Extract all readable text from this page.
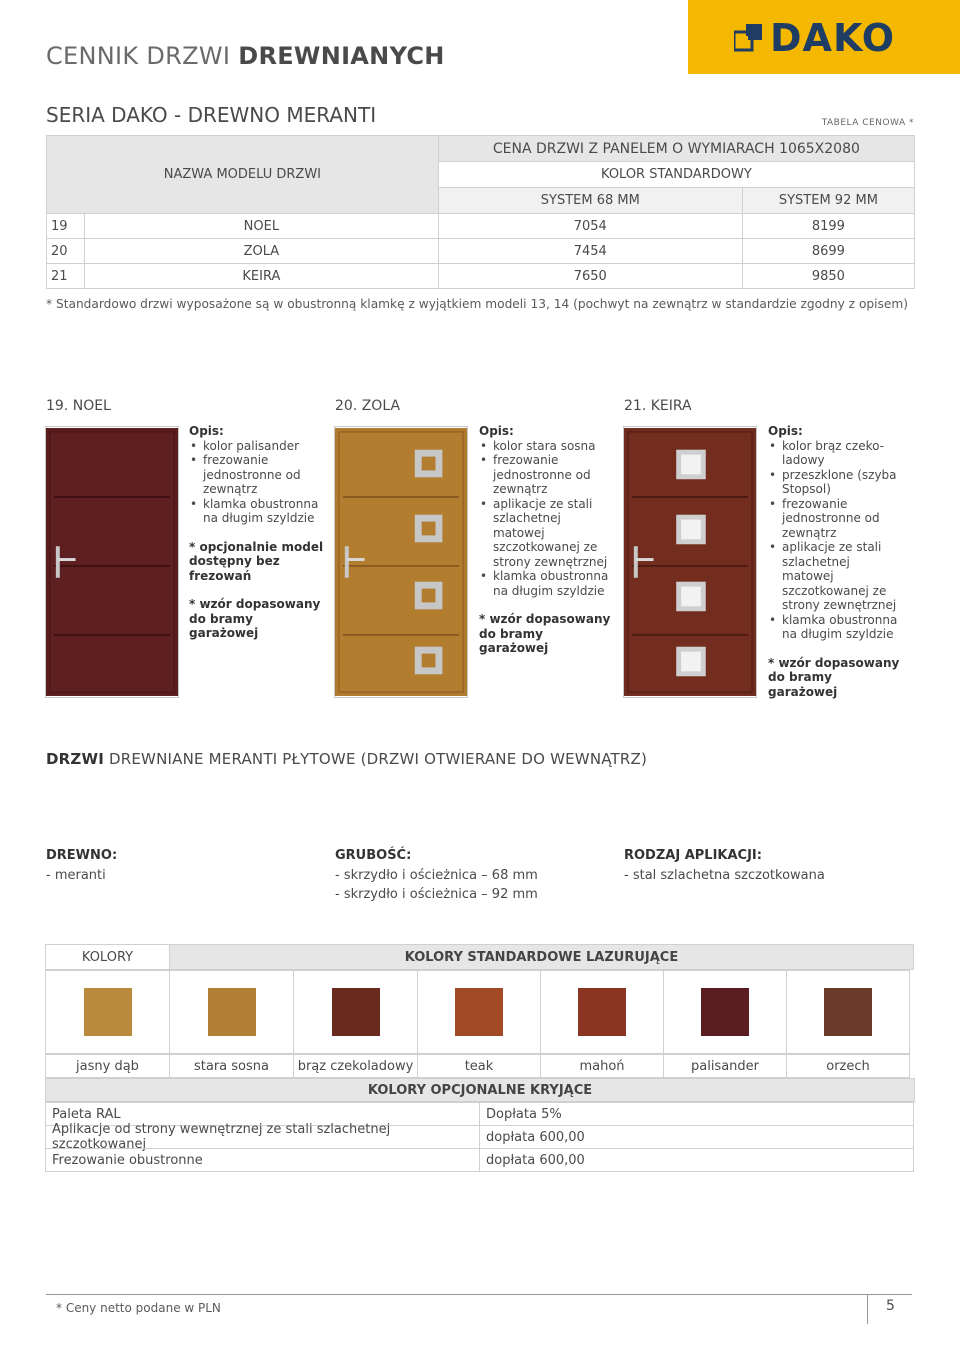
CENNIK DRZWI DREWNIANYCH	DAKO
SERIA DAKO - DREWNO MERANTI	TABELA CENOWA *
NAZWA MODELU DRZWI		CENA DRZWI Z PANELEM O WYMIARACH 1065X2080	
		KOLOR STANDARDOWY	
		SYSTEM 68 MM	SYSTEM 92 MM
19	NOEL	7054	8199
20	ZOLA	7454	8699
21	KEIRA	7650	9850
* Standardowo drzwi wyposażone są w obustronną klamkę z wyjątkiem modeli 13, 14 (pochwyt na zewnątrz w standardzie zgodny z opisem)
19. NOEL
Opis:
• kolor palisander
• frezowanie jednostronne od zewnątrz
• klamka obustronna na długim szyldzie
* opcjonalnie model dostępny bez frezowań
* wzór dopasowany do bramy garażowej
20. ZOLA
Opis:
• kolor stara sosna
• frezowanie jednostronne od zewnątrz
• aplikacje ze stali szlachetnej matowej szczotkowanej ze strony zewnętrznej
• klamka obustronna na długim szyldzie
* wzór dopasowany do bramy garażowej
21. KEIRA
Opis:
• kolor brąz czeko-ladowy
• przeszklone (szyba Stopsol)
• frezowanie jednostronne od zewnątrz
• aplikacje ze stali szlachetnej matowej szczotkowanej ze strony zewnętrznej
• klamka obustronna na długim szyldzie
* wzór dopasowany do bramy garażowej
DRZWI DREWNIANE MERANTI PŁYTOWE (DRZWI OTWIERANE DO WEWNĄTRZ)
DREWNO:
- meranti
GRUBOŚĆ:
- skrzydło i ościeżnica – 68 mm
- skrzydło i ościeżnica – 92 mm
RODZAJ APLIKACJI:
- stal szlachetna szczotkowana
KOLORY	KOLORY STANDARDOWE LAZURUJĄCE
jasny dąb	stara sosna	brąz czekoladowy	teak	mahoń	palisander	orzech
KOLORY OPCJONALNE KRYJĄCE
Paleta RAL	Dopłata 5%
Aplikacje od strony wewnętrznej ze stali szlachetnej szczotkowanej	dopłata 600,00
Frezowanie obustronne	dopłata 600,00
* Ceny netto podane w PLN	5
